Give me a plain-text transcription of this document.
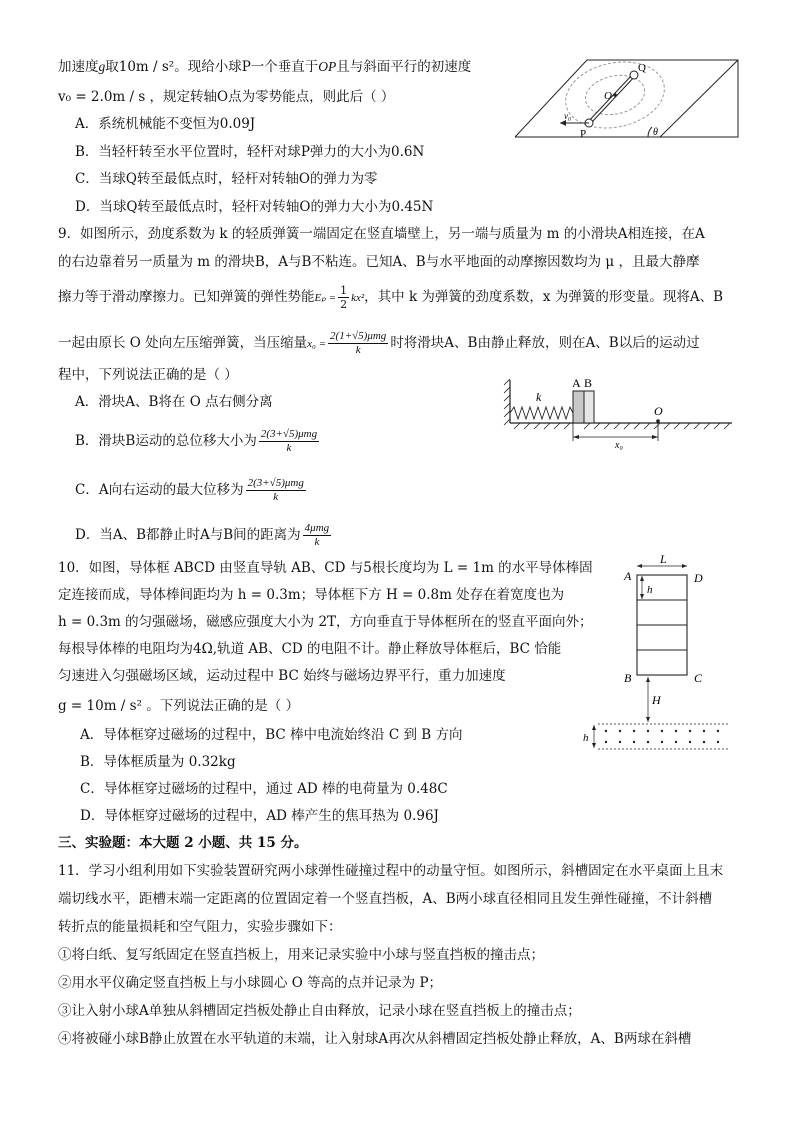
加速度g取10m / s²。现给小球P一个垂直于OP且与斜面平行的初速度
v₀ = 2.0m / s ，规定转轴O点为零势能点，则此后（ ）
A．系统机械能不变恒为0.09J
B．当轻杆转至水平位置时，轻杆对球P弹力的大小为0.6N
C．当球Q转至最低点时，轻杆对转轴O的弹力为零
D．当球Q转至最低点时，轻杆对转轴O的弹力大小为0.45N
Q
O
P
v₀
θ
9．如图所示，劲度系数为 k 的轻质弹簧一端固定在竖直墙壁上，另一端与质量为 m 的小滑块A相连接，在A
的右边靠着另一质量为 m 的滑块B，A与B不粘连。已知A、B与水平地面的动摩擦因数均为 μ ，且最大静摩
擦力等于滑动摩擦力。已知弹簧的弹性势能$E_p = \frac{1}{2} kx^2$，其中 k 为弹簧的劲度系数，x 为弹簧的形变量。现将A、B
一起由原长 O 处向左压缩弹簧，当压缩量$x_0 = \frac{\text{2(1+√5)μmg}}{k}$ 时将滑块A、B由静止释放，则在A、B以后的运动过
程中，下列说法正确的是（ ）
A．滑块A、B将在 O 点右侧分离
B．滑块B运动的总位移大小为 $\frac{\text{2(3+√5)μmg}}{k}$
C．A向右运动的最大位移为 $\frac{\text{2(3+√5)μmg}}{k}$
D．当A、B都静止时A与B间的距离为 $\frac{\text{4μmg}}{k}$
A B
k
O
x₀
10．如图，导体框 ABCD 由竖直导轨 AB、CD 与5根长度均为 L = 1m 的水平导体棒固
定连接而成，导体棒间距均为 h = 0.3m；导体框下方 H = 0.8m 处存在着宽度也为
h = 0.3m 的匀强磁场，磁感应强度大小为 2T，方向垂直于导体框所在的竖直平面向外；
每根导体棒的电阻均为4Ω,轨道 AB、CD 的电阻不计。静止释放导体框后，BC 恰能
匀速进入匀强磁场区域，运动过程中 BC 始终与磁场边界平行，重力加速度
g = 10m / s² 。下列说法正确的是（ ）
A．导体框穿过磁场的过程中，BC 棒中电流始终沿 C 到 B 方向
B．导体框质量为 0.32kg
C．导体框穿过磁场的过程中，通过 AD 棒的电荷量为 0.48C
D．导体框穿过磁场的过程中，AD 棒产生的焦耳热为 0.96J
L
A	D
h
B	C
H
h
三、实验题：本大题 2 小题、共 15 分。
11．学习小组利用如下实验装置研究两小球弹性碰撞过程中的动量守恒。如图所示，斜槽固定在水平桌面上且末
端切线水平，距槽末端一定距离的位置固定着一个竖直挡板，A、B两小球直径相同且发生弹性碰撞，不计斜槽
转折点的能量损耗和空气阻力，实验步骤如下：
①将白纸、复写纸固定在竖直挡板上，用来记录实验中小球与竖直挡板的撞击点；
②用水平仪确定竖直挡板上与小球圆心 O 等高的点并记录为 P；
③让入射小球A单独从斜槽固定挡板处静止自由释放，记录小球在竖直挡板上的撞击点；
④将被碰小球B静止放置在水平轨道的末端，让入射球A再次从斜槽固定挡板处静止释放，A、B两球在斜槽
